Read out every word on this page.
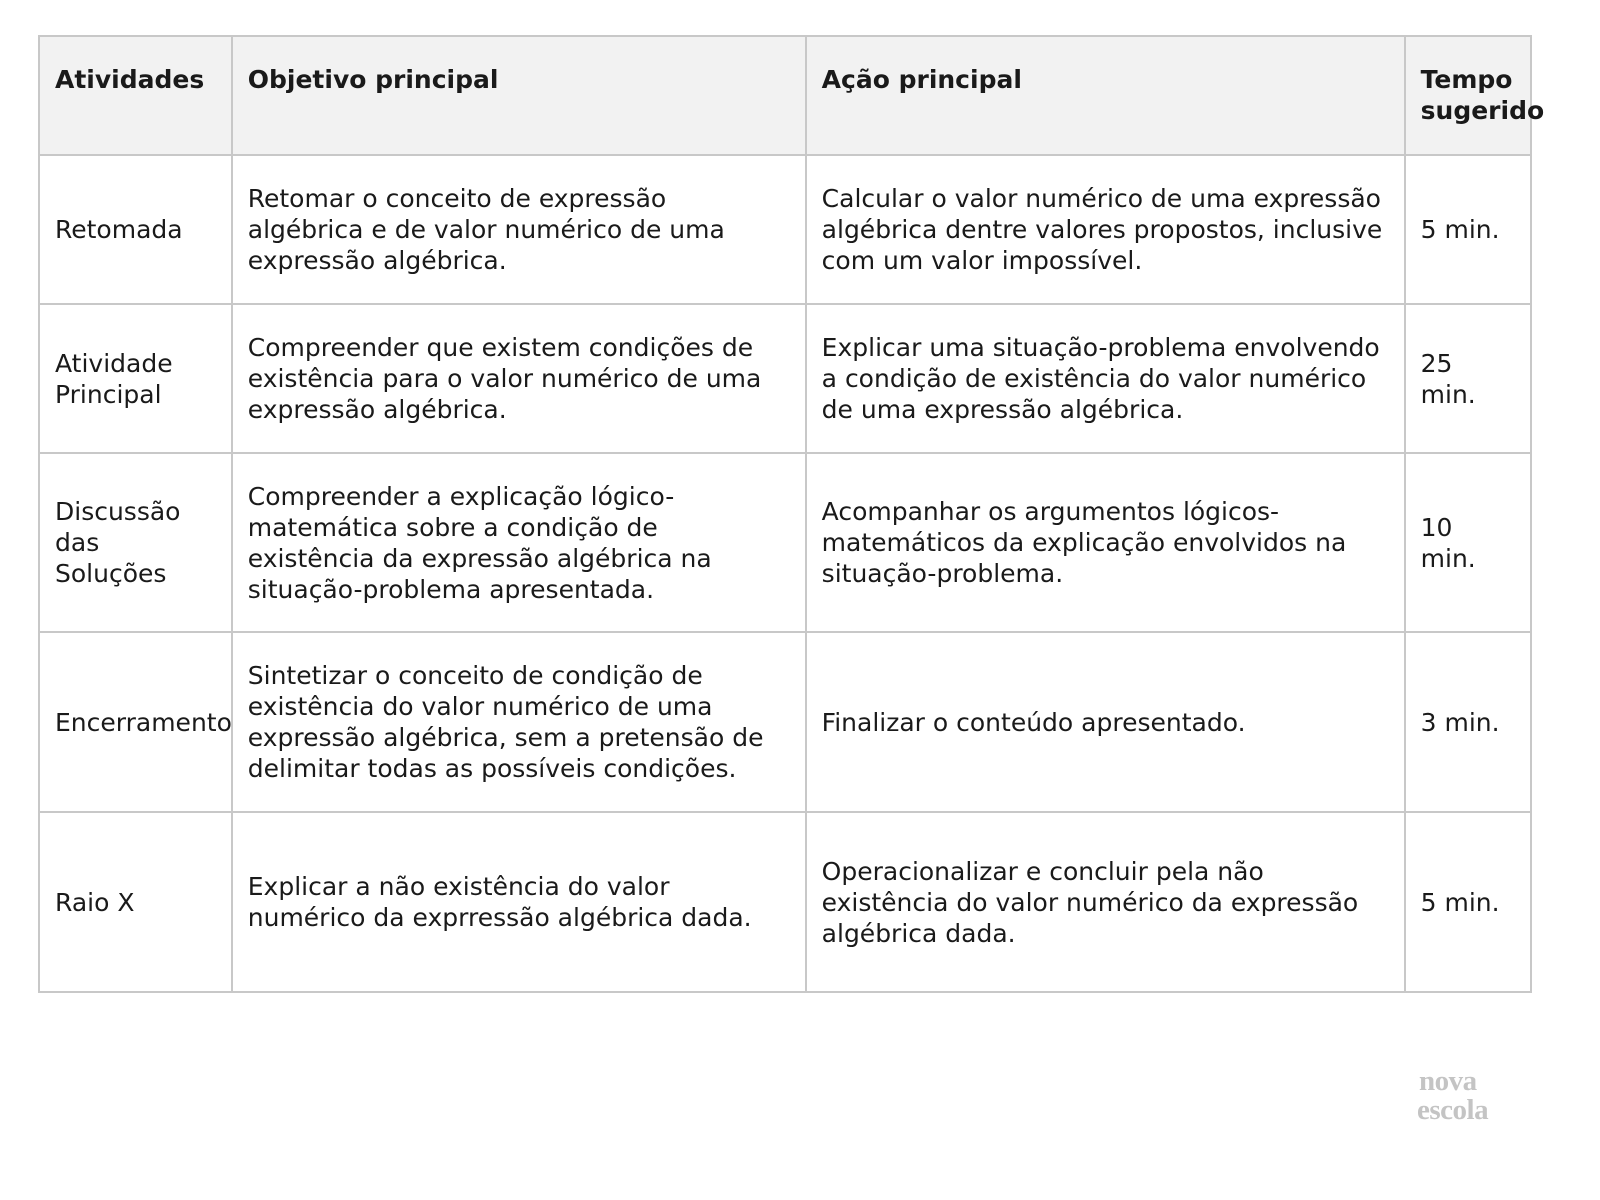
Atividades	Objetivo principal	Ação principal	Tempo sugerido
Retomada	Retomar o conceito de expressão algébrica e de valor numérico de uma expressão algébrica.	Calcular o valor numérico de uma expressão algébrica dentre valores propostos, inclusive com um valor impossível.	5 min.
Atividade Principal	Compreender que existem condições de existência para o valor numérico de uma expressão algébrica.	Explicar uma situação-problema envolvendo a condição de existência do valor numérico de uma expressão algébrica.	25 min.
Discussão das Soluções	Compreender a explicação lógico-matemática sobre a condição de existência da expressão algébrica na situação-problema apresentada.	Acompanhar os argumentos lógicos-matemáticos da explicação envolvidos na situação-problema.	10 min.
Encerramento	Sintetizar o conceito de condição de existência do valor numérico de uma expressão algébrica, sem a pretensão de delimitar todas as possíveis condições.	Finalizar o conteúdo apresentado.	3 min.
Raio X	Explicar a não existência do valor numérico da exprressão algébrica dada.	Operacionalizar e concluir pela não existência do valor numérico da expressão algébrica dada.	5 min.
nova
escola
